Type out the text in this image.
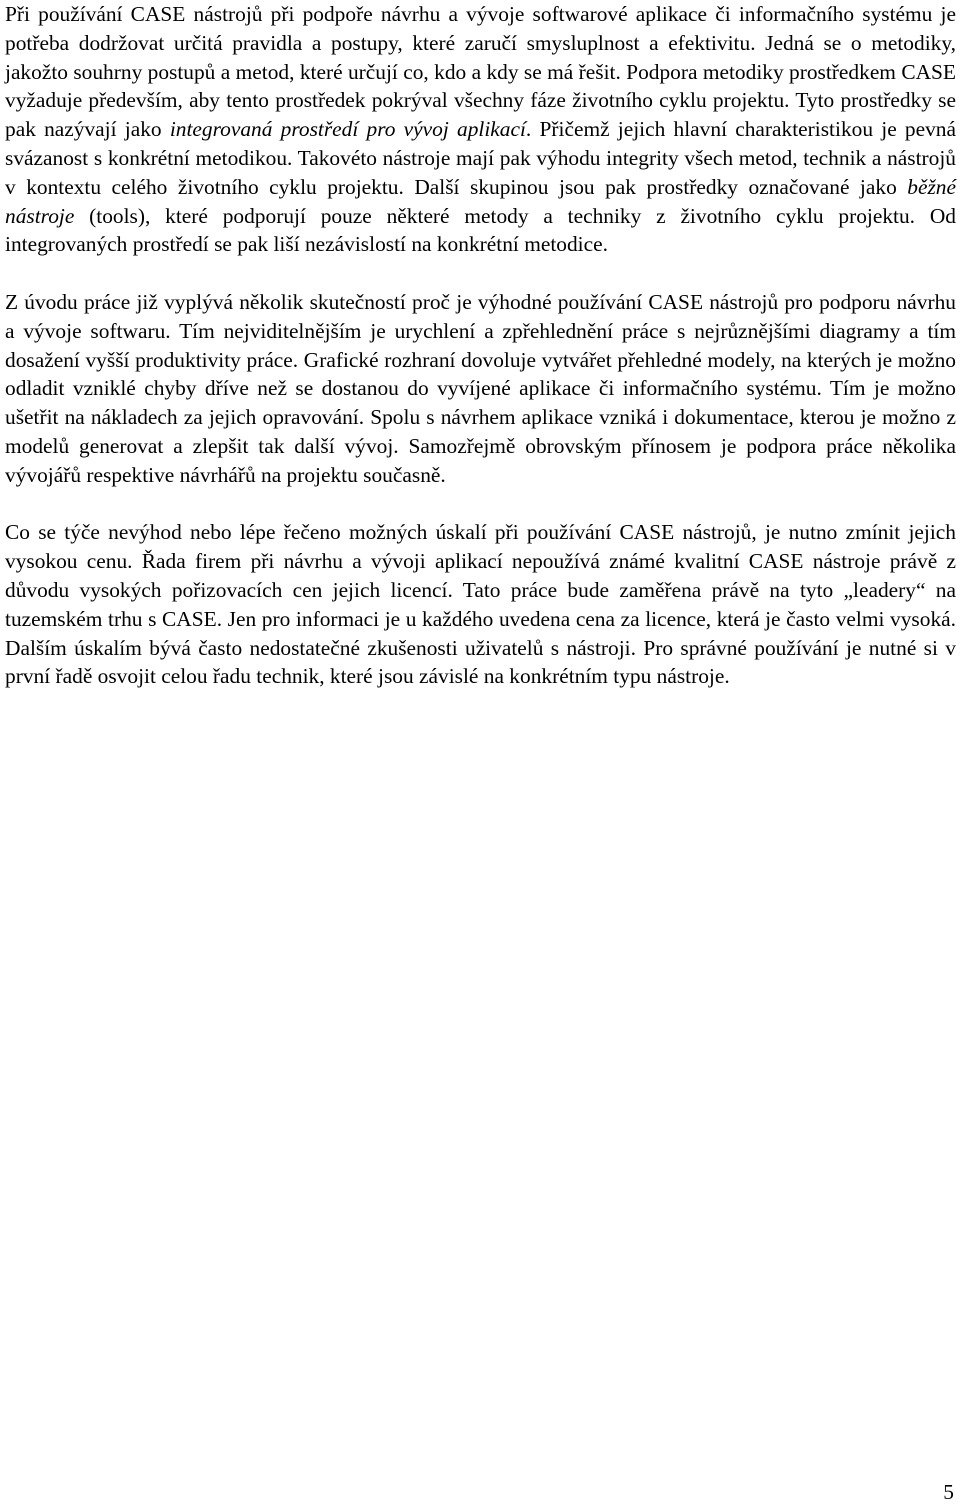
Při používání CASE nástrojů při podpoře návrhu a vývoje softwarové aplikace či informačního systému je potřeba dodržovat určitá pravidla a postupy, které zaručí smysluplnost a efektivitu. Jedná se o metodiky, jakožto souhrny postupů a metod, které určují co, kdo a kdy se má řešit. Podpora metodiky prostředkem CASE vyžaduje především, aby tento prostředek pokrýval všechny fáze životního cyklu projektu. Tyto prostředky se pak nazývají jako integrovaná prostředí pro vývoj aplikací. Přičemž jejich hlavní charakteristikou je pevná svázanost s konkrétní metodikou. Takovéto nástroje mají pak výhodu integrity všech metod, technik a nástrojů v kontextu celého životního cyklu projektu. Další skupinou jsou pak prostředky označované jako běžné nástroje (tools), které podporují pouze některé metody a techniky z životního cyklu projektu. Od integrovaných prostředí se pak liší nezávislostí na konkrétní metodice.

Z úvodu práce již vyplývá několik skutečností proč je výhodné používání CASE nástrojů pro podporu návrhu a vývoje softwaru. Tím nejviditelnějším je urychlení a zpřehlednění práce s nejrůznějšími diagramy a tím dosažení vyšší produktivity práce. Grafické rozhraní dovoluje vytvářet přehledné modely, na kterých je možno odladit vzniklé chyby dříve než se dostanou do vyvíjené aplikace či informačního systému. Tím je možno ušetřit na nákladech za jejich opravování. Spolu s návrhem aplikace vzniká i dokumentace, kterou je možno z modelů generovat a zlepšit tak další vývoj. Samozřejmě obrovským přínosem je podpora práce několika vývojářů respektive návrhářů na projektu současně.

Co se týče nevýhod nebo lépe řečeno možných úskalí při používání CASE nástrojů, je nutno zmínit jejich vysokou cenu. Řada firem při návrhu a vývoji aplikací nepoužívá známé kvalitní CASE nástroje právě z důvodu vysokých pořizovacích cen jejich licencí. Tato práce bude zaměřena právě na tyto „leadery“ na tuzemském trhu s CASE. Jen pro informaci je u každého uvedena cena za licence, která je často velmi vysoká. Dalším úskalím bývá často nedostatečné zkušenosti uživatelů s nástroji. Pro správné používání je nutné si v první řadě osvojit celou řadu technik, které jsou závislé na konkrétním typu nástroje.

5
